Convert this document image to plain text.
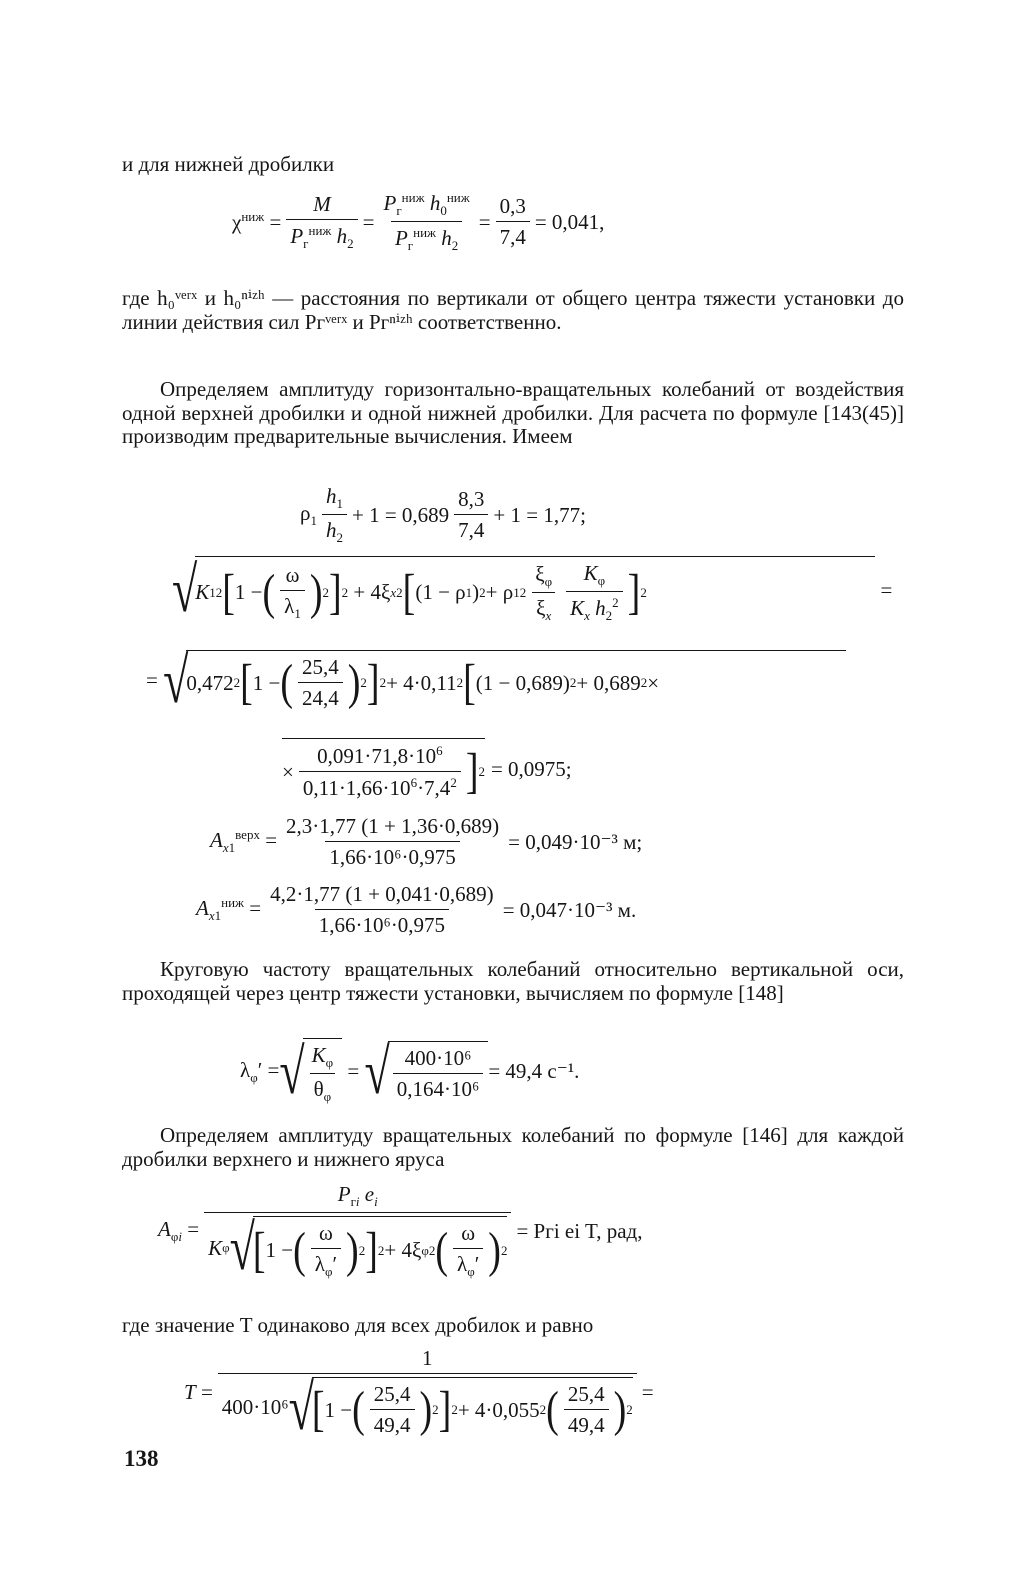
и для нижней дробилки
$\chi^{ниж} = \frac{M}{P_г^{ниж} h_2} = \frac{P_г^{ниж} h_0^{ниж}}{P_г^{ниж} h_2} = \frac{0,3}{7,4} = 0,041$,
где h₀ᵛᵉʳˣ и h₀ⁿⁱᶻʰ — расстояния по вертикали от общего центра тяжести установки до линии действия сил Pгᵛᵉʳˣ и Pгⁿⁱᶻʰ соответственно.
Определяем амплитуду горизонтально-вращательных колебаний от воздействия одной верхней дробилки и одной нижней дробилки. Для расчета по формуле [143(45)] производим предварительные вычисления. Имеем
$\rho_1 \frac{h_1}{h_2} + 1 = 0,689 \frac{8,3}{7,4} + 1 = 1,77$;
√
K 1 2 [ 1 − ( $\frac{\omega}{\lambda_1}$ ) 2 ] 2 + 4ξ x 2 [ (1 − ρ 1 ) 2 + ρ 1 $2 \frac{\xi_\varphi}{\xi_x} \frac{K_\varphi}{K_x h_2^2}$ ] 2	=
= √
0,472 2 [ 1 − ( $\frac{25,4}{24,4}$ ) 2 ] 2 + 4·0,11 2 [ (1 − 0,689) 2 + 0,689 2 ×
× $\frac{0,091\cdot 71,8\cdot 10^6}{0,11\cdot 1,66\cdot 10^6\cdot 7,4^2}$ ] 2 = 0,0975;
$A_{x1}^{верх} = \frac{2,3\cdot 1,77 (1 + 1,36\cdot 0,689)}{\text{1,66·10⁶·0,975}} = 0,049\cdot 10^{-3}$ м;
$A_{x1}^{ниж} = \frac{4,2\cdot 1,77 (1 + 0,041\cdot 0,689)}{\text{1,66·10⁶·0,975}} = 0,047\cdot 10^{-3}$ м.
Круговую частоту вращательных колебаний относительно вертикальной оси, проходящей через центр тяжести установки, вычисляем по формуле [148]
$\lambda_\varphi'$ = √ $\frac{K_\varphi}{\theta_\varphi}$ = √ $\frac{\text{400·10⁶}}{\text{0,164·10⁶}} = 49,4$ с⁻¹.
Определяем амплитуду вращательных колебаний по формуле [146] для каждой дробилки верхнего и нижнего яруса
$A_{\varphi i} = P_{гi}$ $e_i$
K φ √
[ 1 − ( $\frac{\omega}{\lambda_\varphi'}$ ) 2 ] 2 + 4ξ φ 2 ( $\frac{\omega}{\lambda_\varphi'}$ ) 2 = Pгi ei T, рад,
где значение T одинаково для всех дробилок и равно
T =
1
400·10⁶ √
[ 1 − ( $\frac{25,4}{49,4}$ ) 2 ] 2 + 4·0,055 2 ( $\frac{25,4}{49,4}$ ) 2
=
138
